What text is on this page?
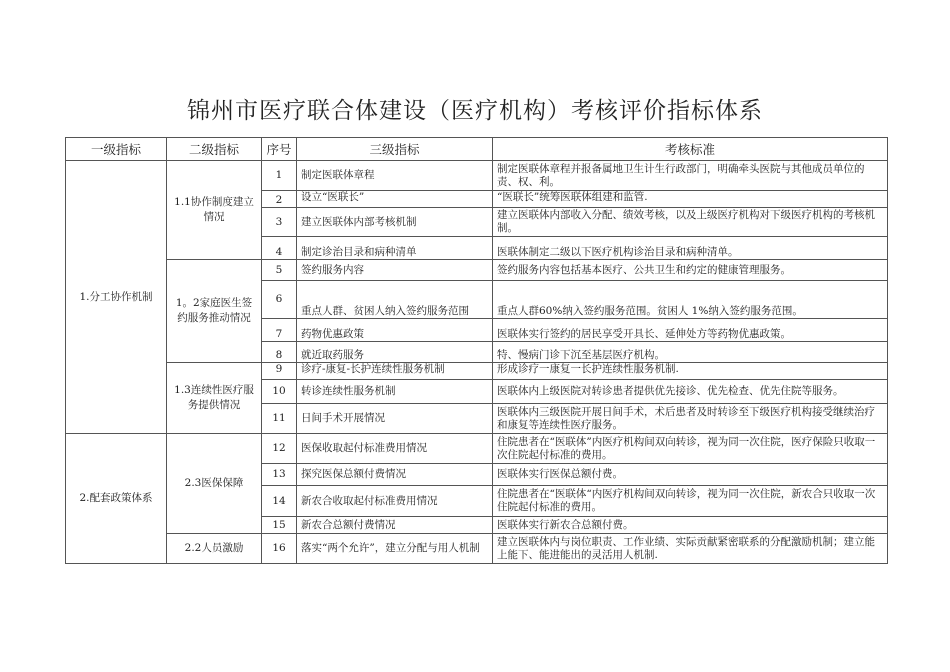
锦州市医疗联合体建设（医疗机构）考核评价指标体系
一级指标	二级指标	序号	三级指标	考核标准
1.分工协作机制	1.1协作制度建立情况	1	制定医联体章程	制定医联体章程并报备属地卫生计生行政部门，明确牵头医院与其他成员单位的责、权、利。
		2	设立“医联长”	“医联长”统筹医联体组建和监管.
		3	建立医联体内部考核机制	建立医联体内部收入分配、绩效考核，以及上级医疗机构对下级医疗机构的考核机制。
		4	制定诊治目录和病种清单	医联体制定二级以下医疗机构诊治目录和病种清单。
	1。2家庭医生签约服务推动情况	5	签约服务内容	签约服务内容包括基本医疗、公共卫生和约定的健康管理服务。
		6	重点人群、贫困人纳入签约服务范围	重点人群60%纳入签约服务范围。贫困人 1%纳入签约服务范围。
		7	药物优惠政策	医联体实行签约的居民享受开具长、延伸处方等药物优惠政策。
		8	就近取药服务	特、慢病门诊下沉至基层医疗机构。
	1.3连续性医疗服务提供情况	9	诊疗-康复-长护连续性服务机制	形成诊疗一康复一长护连续性服务机制.
		10	转诊连续性服务机制	医联体内上级医院对转诊患者提供优先接诊、优先检查、优先住院等服务。
		11	日间手术开展情况	医联体内三级医院开展日间手术，术后患者及时转诊至下级医疗机构接受继续治疗和康复等连续性医疗服务。
2.配套政策体系	2.3医保保障	12	医保收取起付标准费用情况	住院患者在“医联体”内医疗机构间双向转诊，视为同一次住院，医疗保险只收取一次住院起付标准的费用。
		13	探究医保总额付费情况	医联体实行医保总额付费。
		14	新农合收取起付标准费用情况	住院患者在“医联体“内医疗机构间双向转诊，视为同一次住院，新农合只收取一次住院起付标准的费用。
		15	新农合总额付费情况	医联体实行新农合总额付费。
	2.2人员激励	16	落实“两个允许”，建立分配与用人机制	建立医联体内与岗位职责、工作业绩、实际贡献紧密联系的分配激励机制；建立能上能下、能进能出的灵活用人机制.
